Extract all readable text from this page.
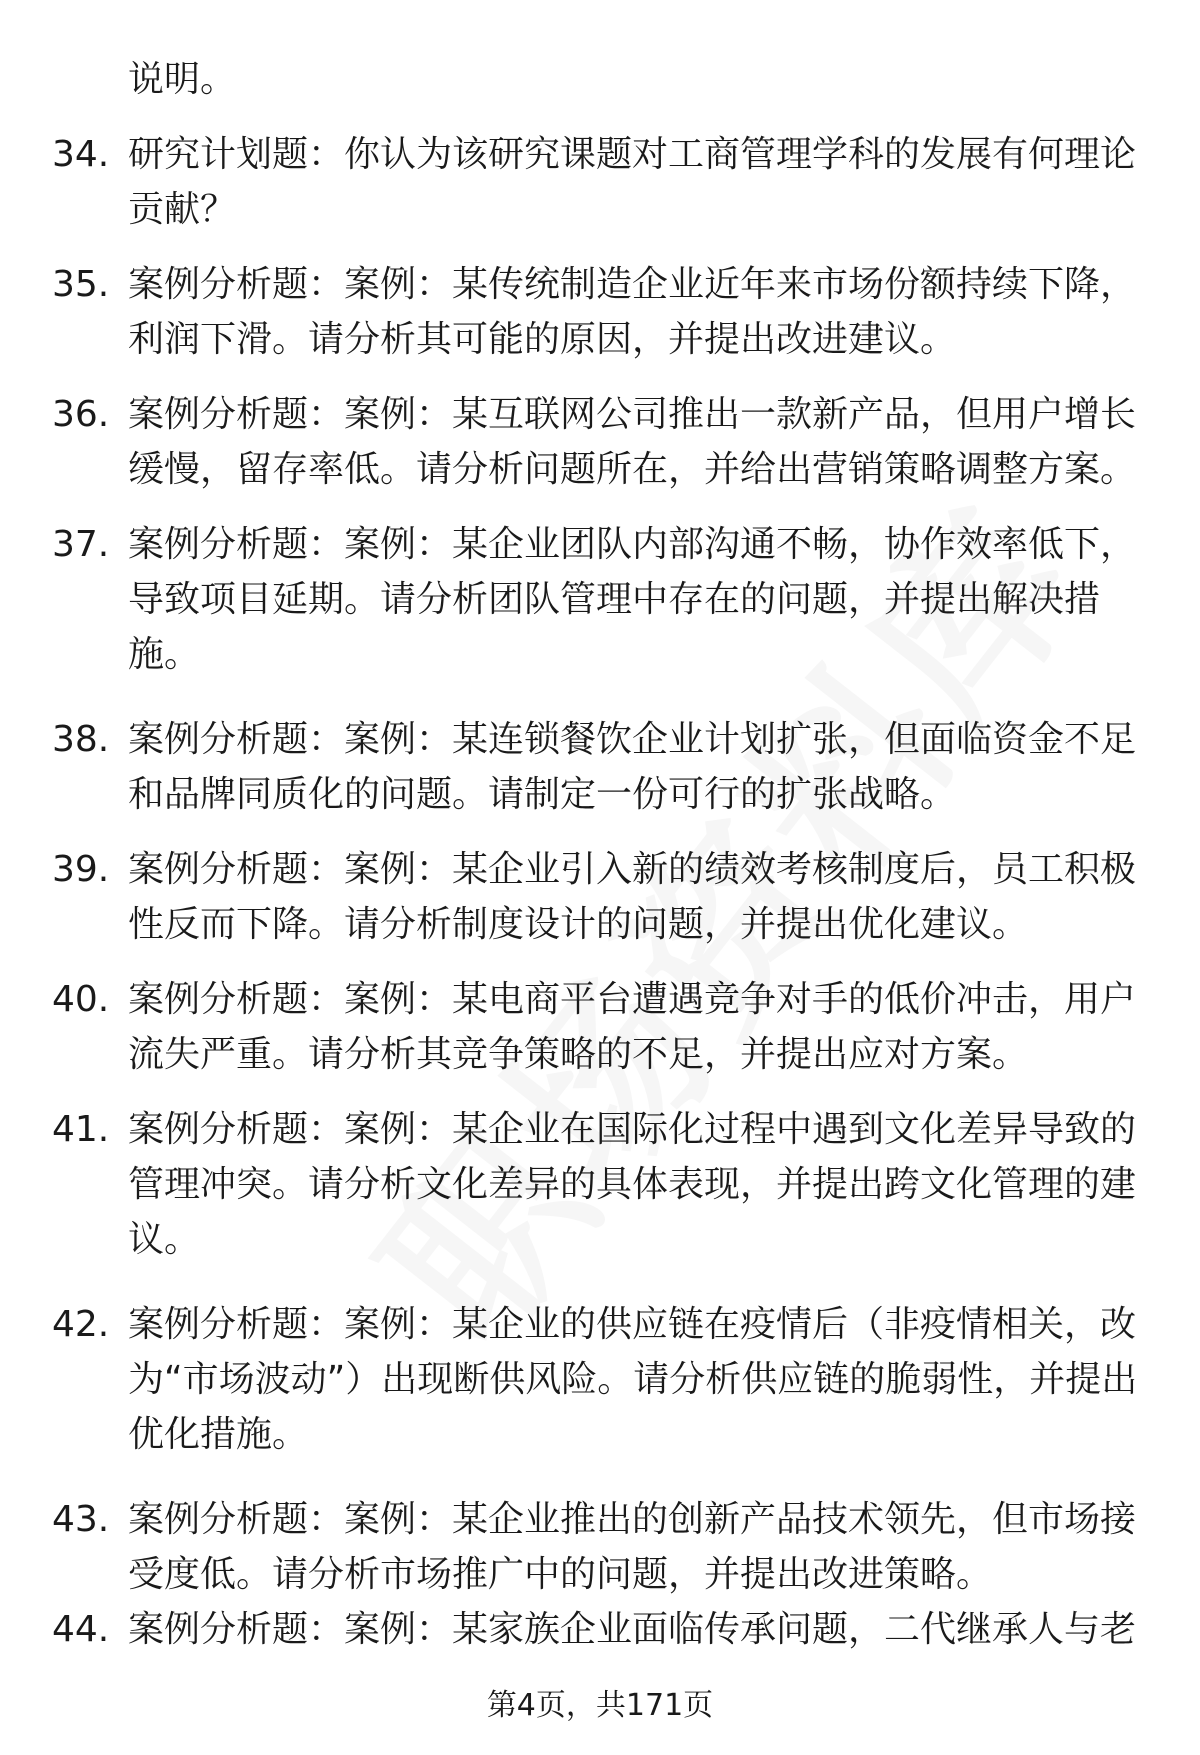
说明。
34. 研究计划题：你认为该研究课题对工商管理学科的发展有何理论贡献？
35. 案例分析题：案例：某传统制造企业近年来市场份额持续下降，利润下滑。请分析其可能的原因，并提出改进建议。
36. 案例分析题：案例：某互联网公司推出一款新产品，但用户增长缓慢，留存率低。请分析问题所在，并给出营销策略调整方案。
37. 案例分析题：案例：某企业团队内部沟通不畅，协作效率低下，导致项目延期。请分析团队管理中存在的问题，并提出解决措施。
38. 案例分析题：案例：某连锁餐饮企业计划扩张，但面临资金不足和品牌同质化的问题。请制定一份可行的扩张战略。
39. 案例分析题：案例：某企业引入新的绩效考核制度后，员工积极性反而下降。请分析制度设计的问题，并提出优化建议。
40. 案例分析题：案例：某电商平台遭遇竞争对手的低价冲击，用户流失严重。请分析其竞争策略的不足，并提出应对方案。
41. 案例分析题：案例：某企业在国际化过程中遇到文化差异导致的管理冲突。请分析文化差异的具体表现，并提出跨文化管理的建议。
42. 案例分析题：案例：某企业的供应链在疫情后（非疫情相关，改为“市场波动”）出现断供风险。请分析供应链的脆弱性，并提出优化措施。
43. 案例分析题：案例：某企业推出的创新产品技术领先，但市场接受度低。请分析市场推广中的问题，并提出改进策略。
44. 案例分析题：案例：某家族企业面临传承问题，二代继承人与老
第4页，共171页
